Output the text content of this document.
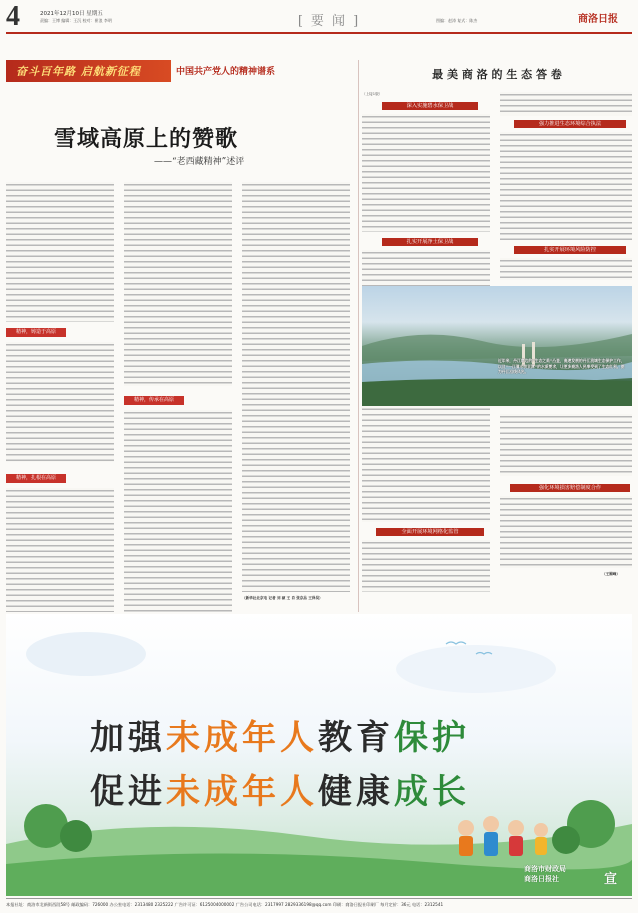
4	2021年12月10日 星期五
责编：王博 编辑：王沉 校对：崔浪 李明	[ 要 闻 ]	图编：赵涛 复式：陈杰	商洛日报
奋斗百年路 启航新征程	中国共产党人的精神谱系
雪域高原上的赞歌
——“老西藏精神”述评
精神，铸造于高原
精神，扎根在高原
精神，传承在高原
（新华社北京电 记者 刘 硕 王 肖 张京品 王泽昊）
最 美 商 洛 的 生 态 答 卷
（上接1版）
深入实施碧水保卫战
扎实开展净土保卫战
全面开展环境网格化监管
强力推进生态环境综合执法
扎实开展环境风险防控
近年来，丹江岸边的“生态之美”凸显，高速发展的丹江流域生态保护工作，以及“一江清水供京津”的水质要求，让更多商洛人民享受到了生态红利。图为丹江沿线风光。
强化环境損害赔偿制度合作
（王媚峰）
加强未成年人教育保护
促进未成年人健康成长
商洛市财政局
商洛日报社	宣
本报社址：商洛市北新街西段58号 邮政编码：726000 办公室电话：2313480 2325222 广告许可证：6125004000002 广告公司电话：2317997 2829336198@qq.com 印刷：商洛日报社印刷厂 每月定价：36元 电话：2312541
